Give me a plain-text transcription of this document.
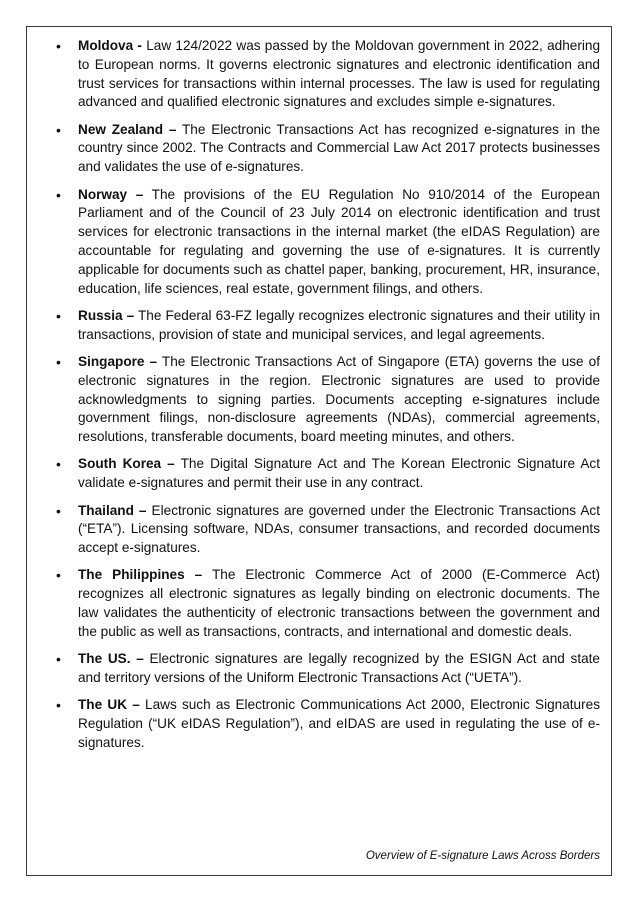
• Moldova - Law 124/2022 was passed by the Moldovan government in 2022, adhering to European norms. It governs electronic signatures and electronic identification and trust services for transactions within internal processes. The law is used for regulating advanced and qualified electronic signatures and excludes simple e-signatures.
• New Zealand – The Electronic Transactions Act has recognized e-signatures in the country since 2002. The Contracts and Commercial Law Act 2017 protects businesses and validates the use of e-signatures.
• Norway – The provisions of the EU Regulation No 910/2014 of the European Parliament and of the Council of 23 July 2014 on electronic identification and trust services for electronic transactions in the internal market (the eIDAS Regulation) are accountable for regulating and governing the use of e-signatures. It is currently applicable for documents such as chattel paper, banking, procurement, HR, insurance, education, life sciences, real estate, government filings, and others.
• Russia – The Federal 63-FZ legally recognizes electronic signatures and their utility in transactions, provision of state and municipal services, and legal agreements.
• Singapore – The Electronic Transactions Act of Singapore (ETA) governs the use of electronic signatures in the region. Electronic signatures are used to provide acknowledgments to signing parties. Documents accepting e-signatures include government filings, non-disclosure agreements (NDAs), commercial agreements, resolutions, transferable documents, board meeting minutes, and others.
• South Korea – The Digital Signature Act and The Korean Electronic Signature Act validate e-signatures and permit their use in any contract.
• Thailand – Electronic signatures are governed under the Electronic Transactions Act (“ETA”). Licensing software, NDAs, consumer transactions, and recorded documents accept e-signatures.
• The Philippines – The Electronic Commerce Act of 2000 (E-Commerce Act) recognizes all electronic signatures as legally binding on electronic documents. The law validates the authenticity of electronic transactions between the government and the public as well as transactions, contracts, and international and domestic deals.
• The US. – Electronic signatures are legally recognized by the ESIGN Act and state and territory versions of the Uniform Electronic Transactions Act (“UETA”).
• The UK – Laws such as Electronic Communications Act 2000, Electronic Signatures Regulation (“UK eIDAS Regulation”), and eIDAS are used in regulating the use of e-signatures.
Overview of E-signature Laws Across Borders
